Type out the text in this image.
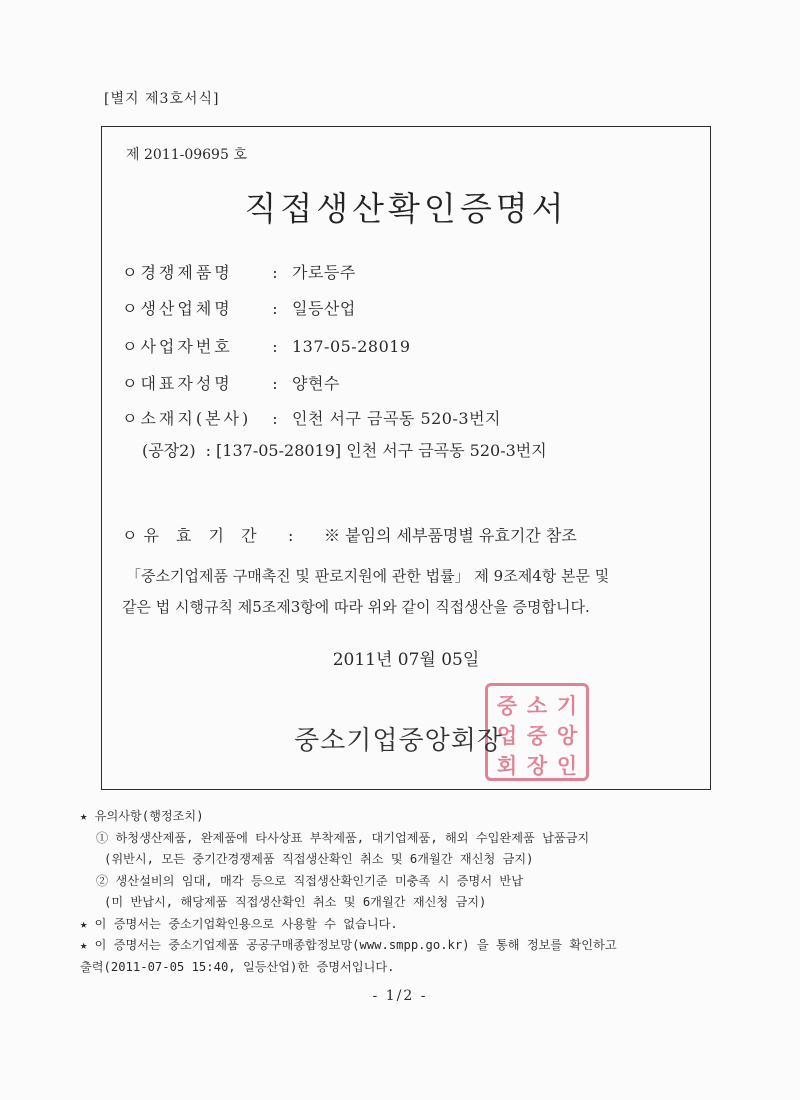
[별지 제3호서식]
제 2011-09695 호
직접생산확인증명서
ㅇ경쟁제품명 : 가로등주
ㅇ생산업체명 : 일등산업
ㅇ사업자번호 : 137-05-28019
ㅇ대표자성명 : 양현수
ㅇ소재지(본사) : 인천 서구 금곡동 520-3번지
(공장2) : [137-05-28019] 인천 서구 금곡동 520-3번지
ㅇ유 효 기 간 : ※ 붙임의 세부품명별 유효기간 참조
「중소기업제품 구매촉진 및 판로지원에 관한 법률」 제 9조제4항 본문 및
같은 법 시행규칙 제5조제3항에 따라 위와 같이 직접생산을 증명합니다.
2011년 07월 05일
중 소 기
업 중 앙
회 장 인
중소기업중앙회장
★ 유의사항(행정조치)
① 하청생산제품, 완제품에 타사상표 부착제품, 대기업제품, 해외 수입완제품 납품금지
(위반시, 모든 중기간경쟁제품 직접생산확인 취소 및 6개월간 재신청 금지)
② 생산설비의 임대, 매각 등으로 직접생산확인기준 미충족 시 증명서 반납
(미 반납시, 해당제품 직접생산확인 취소 및 6개월간 재신청 금지)
★ 이 증명서는 중소기업확인용으로 사용할 수 없습니다.
★ 이 증명서는 중소기업제품 공공구매종합정보망(www.smpp.go.kr) 을 통해 정보를 확인하고
출력(2011-07-05 15:40, 일등산업)한 증명서입니다.
- 1/2 -
